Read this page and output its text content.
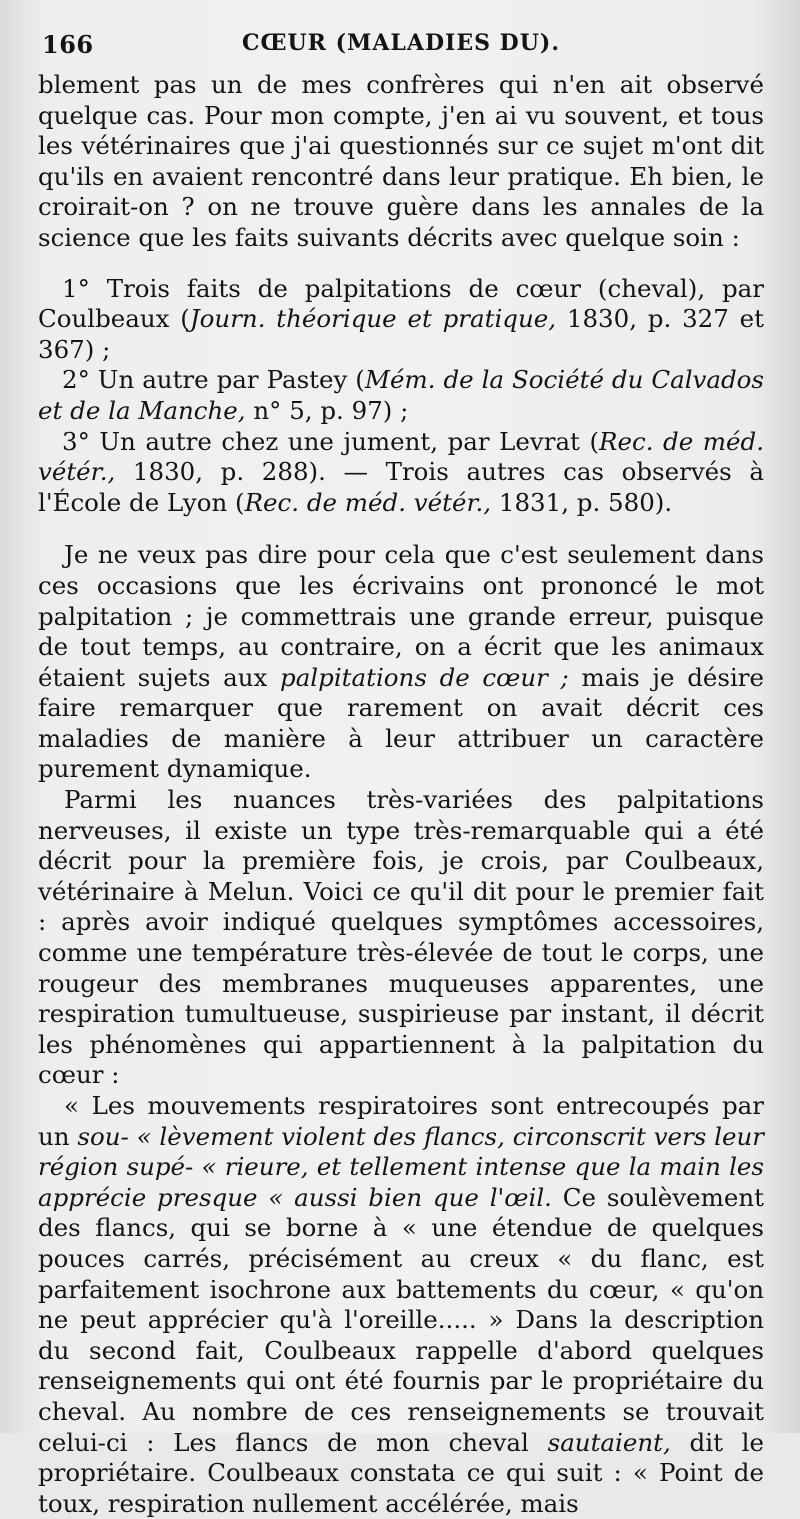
166	CŒUR (MALADIES DU).

blement pas un de mes confrères qui n'en ait observé quelque cas. Pour mon compte, j'en ai vu souvent, et tous les vétérinaires que j'ai questionnés sur ce sujet m'ont dit qu'ils en avaient rencontré dans leur pratique. Eh bien, le croirait-on ? on ne trouve guère dans les annales de la science que les faits suivants décrits avec quelque soin :

1° Trois faits de palpitations de cœur (cheval), par Coulbeaux (Journ. théorique et pratique, 1830, p. 327 et 367) ;

2° Un autre par Pastey (Mém. de la Société du Calvados et de la Manche, n° 5, p. 97) ;

3° Un autre chez une jument, par Levrat (Rec. de méd. vétér., 1830, p. 288). — Trois autres cas observés à l'École de Lyon (Rec. de méd. vétér., 1831, p. 580).

Je ne veux pas dire pour cela que c'est seulement dans ces occasions que les écrivains ont prononcé le mot palpitation ; je commettrais une grande erreur, puisque de tout temps, au contraire, on a écrit que les animaux étaient sujets aux palpitations de cœur ; mais je désire faire remarquer que rarement on avait décrit ces maladies de manière à leur attribuer un caractère purement dynamique.

Parmi les nuances très-variées des palpitations nerveuses, il existe un type très-remarquable qui a été décrit pour la première fois, je crois, par Coulbeaux, vétérinaire à Melun. Voici ce qu'il dit pour le premier fait : après avoir indiqué quelques symptômes accessoires, comme une température très-élevée de tout le corps, une rougeur des membranes muqueuses apparentes, une respiration tumultueuse, suspirieuse par instant, il décrit les phénomènes qui appartiennent à la palpitation du cœur :

« Les mouvements respiratoires sont entrecoupés par un sou- « lèvement violent des flancs, circonscrit vers leur région supé- « rieure, et tellement intense que la main les apprécie presque « aussi bien que l'œil. Ce soulèvement des flancs, qui se borne à « une étendue de quelques pouces carrés, précisément au creux « du flanc, est parfaitement isochrone aux battements du cœur, « qu'on ne peut apprécier qu'à l'oreille..... » Dans la description du second fait, Coulbeaux rappelle d'abord quelques renseignements qui ont été fournis par le propriétaire du cheval. Au nombre de ces renseignements se trouvait celui-ci : Les flancs de mon cheval sautaient, dit le propriétaire. Coulbeaux constata ce qui suit : « Point de toux, respiration nullement accélérée, mais
